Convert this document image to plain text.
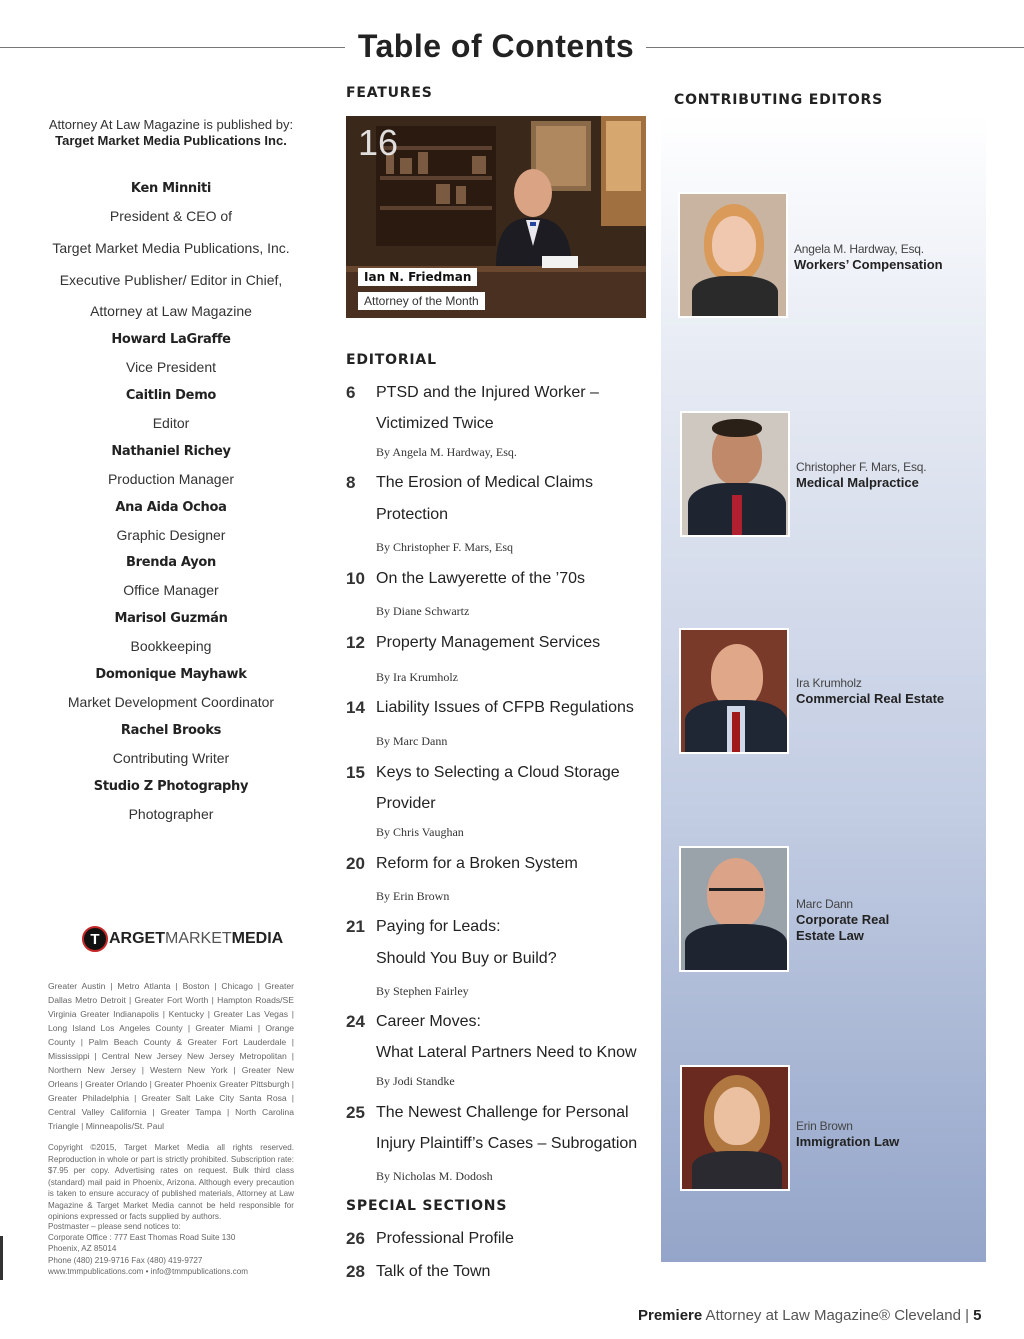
Table of Contents
Attorney At Law Magazine is published by:
Target Market Media Publications Inc.
Ken Minniti
President & CEO of
Target Market Media Publications, Inc.
Executive Publisher/ Editor in Chief,
Attorney at Law Magazine
Howard LaGraffe
Vice President
Caitlin Demo
Editor
Nathaniel Richey
Production Manager
Ana Aida Ochoa
Graphic Designer
Brenda Ayon
Office Manager
Marisol Guzmán
Bookkeeping
Domonique Mayhawk
Market Development Coordinator
Rachel Brooks
Contributing Writer
Studio Z Photography
Photographer
T ARGET MARKET MEDIA
Greater Austin | Metro Atlanta | Boston | Chicago | Greater Dallas Metro Detroit | Greater Fort Worth | Hampton Roads/SE Virginia Greater Indianapolis | Kentucky | Greater Las Vegas | Long Island Los Angeles County | Greater Miami | Orange County | Palm Beach County & Greater Fort Lauderdale | Mississippi | Central New Jersey New Jersey Metropolitan | Northern New Jersey | Western New York | Greater New Orleans | Greater Orlando | Greater Phoenix Greater Pittsburgh | Greater Philadelphia | Greater Salt Lake City Santa Rosa | Central Valley California | Greater Tampa | North Carolina Triangle | Minneapolis/St. Paul
Copyright ©2015, Target Market Media all rights reserved. Reproduction in whole or part is strictly prohibited. Subscription rate: $7.95 per copy. Advertising rates on request. Bulk third class (standard) mail paid in Phoenix, Arizona. Although every precaution is taken to ensure accuracy of published materials, Attorney at Law Magazine & Target Market Media cannot be held responsible for opinions expressed or facts supplied by authors.
Postmaster – please send notices to:
Corporate Office : 777 East Thomas Road Suite 130
Phoenix, AZ 85014
Phone (480) 219-9716 Fax (480) 419-9727
www.tmmpublications.com • info@tmmpublications.com
FEATURES
16
Ian N. Friedman
Attorney of the Month
EDITORIAL
6 PTSD and the Injured Worker –
Victimized Twice
By Angela M. Hardway, Esq.
8 The Erosion of Medical Claims
Protection
By Christopher F. Mars, Esq
10 On the Lawyerette of the ’70s
By Diane Schwartz
12 Property Management Services
By Ira Krumholz
14 Liability Issues of CFPB Regulations
By Marc Dann
15 Keys to Selecting a Cloud Storage
Provider
By Chris Vaughan
20 Reform for a Broken System
By Erin Brown
21 Paying for Leads:
Should You Buy or Build?
By Stephen Fairley
24 Career Moves:
What Lateral Partners Need to Know
By Jodi Standke
25 The Newest Challenge for Personal
Injury Plaintiff’s Cases – Subrogation
By Nicholas M. Dodosh
SPECIAL SECTIONS
26 Professional Profile
28 Talk of the Town
CONTRIBUTING EDITORS
Angela M. Hardway, Esq.
Workers’ Compensation
Christopher F. Mars, Esq.
Medical Malpractice
Ira Krumholz
Commercial Real Estate
Marc Dann
Corporate Real
Estate Law
Erin Brown
Immigration Law
Premiere Attorney at Law Magazine® Cleveland | 5
